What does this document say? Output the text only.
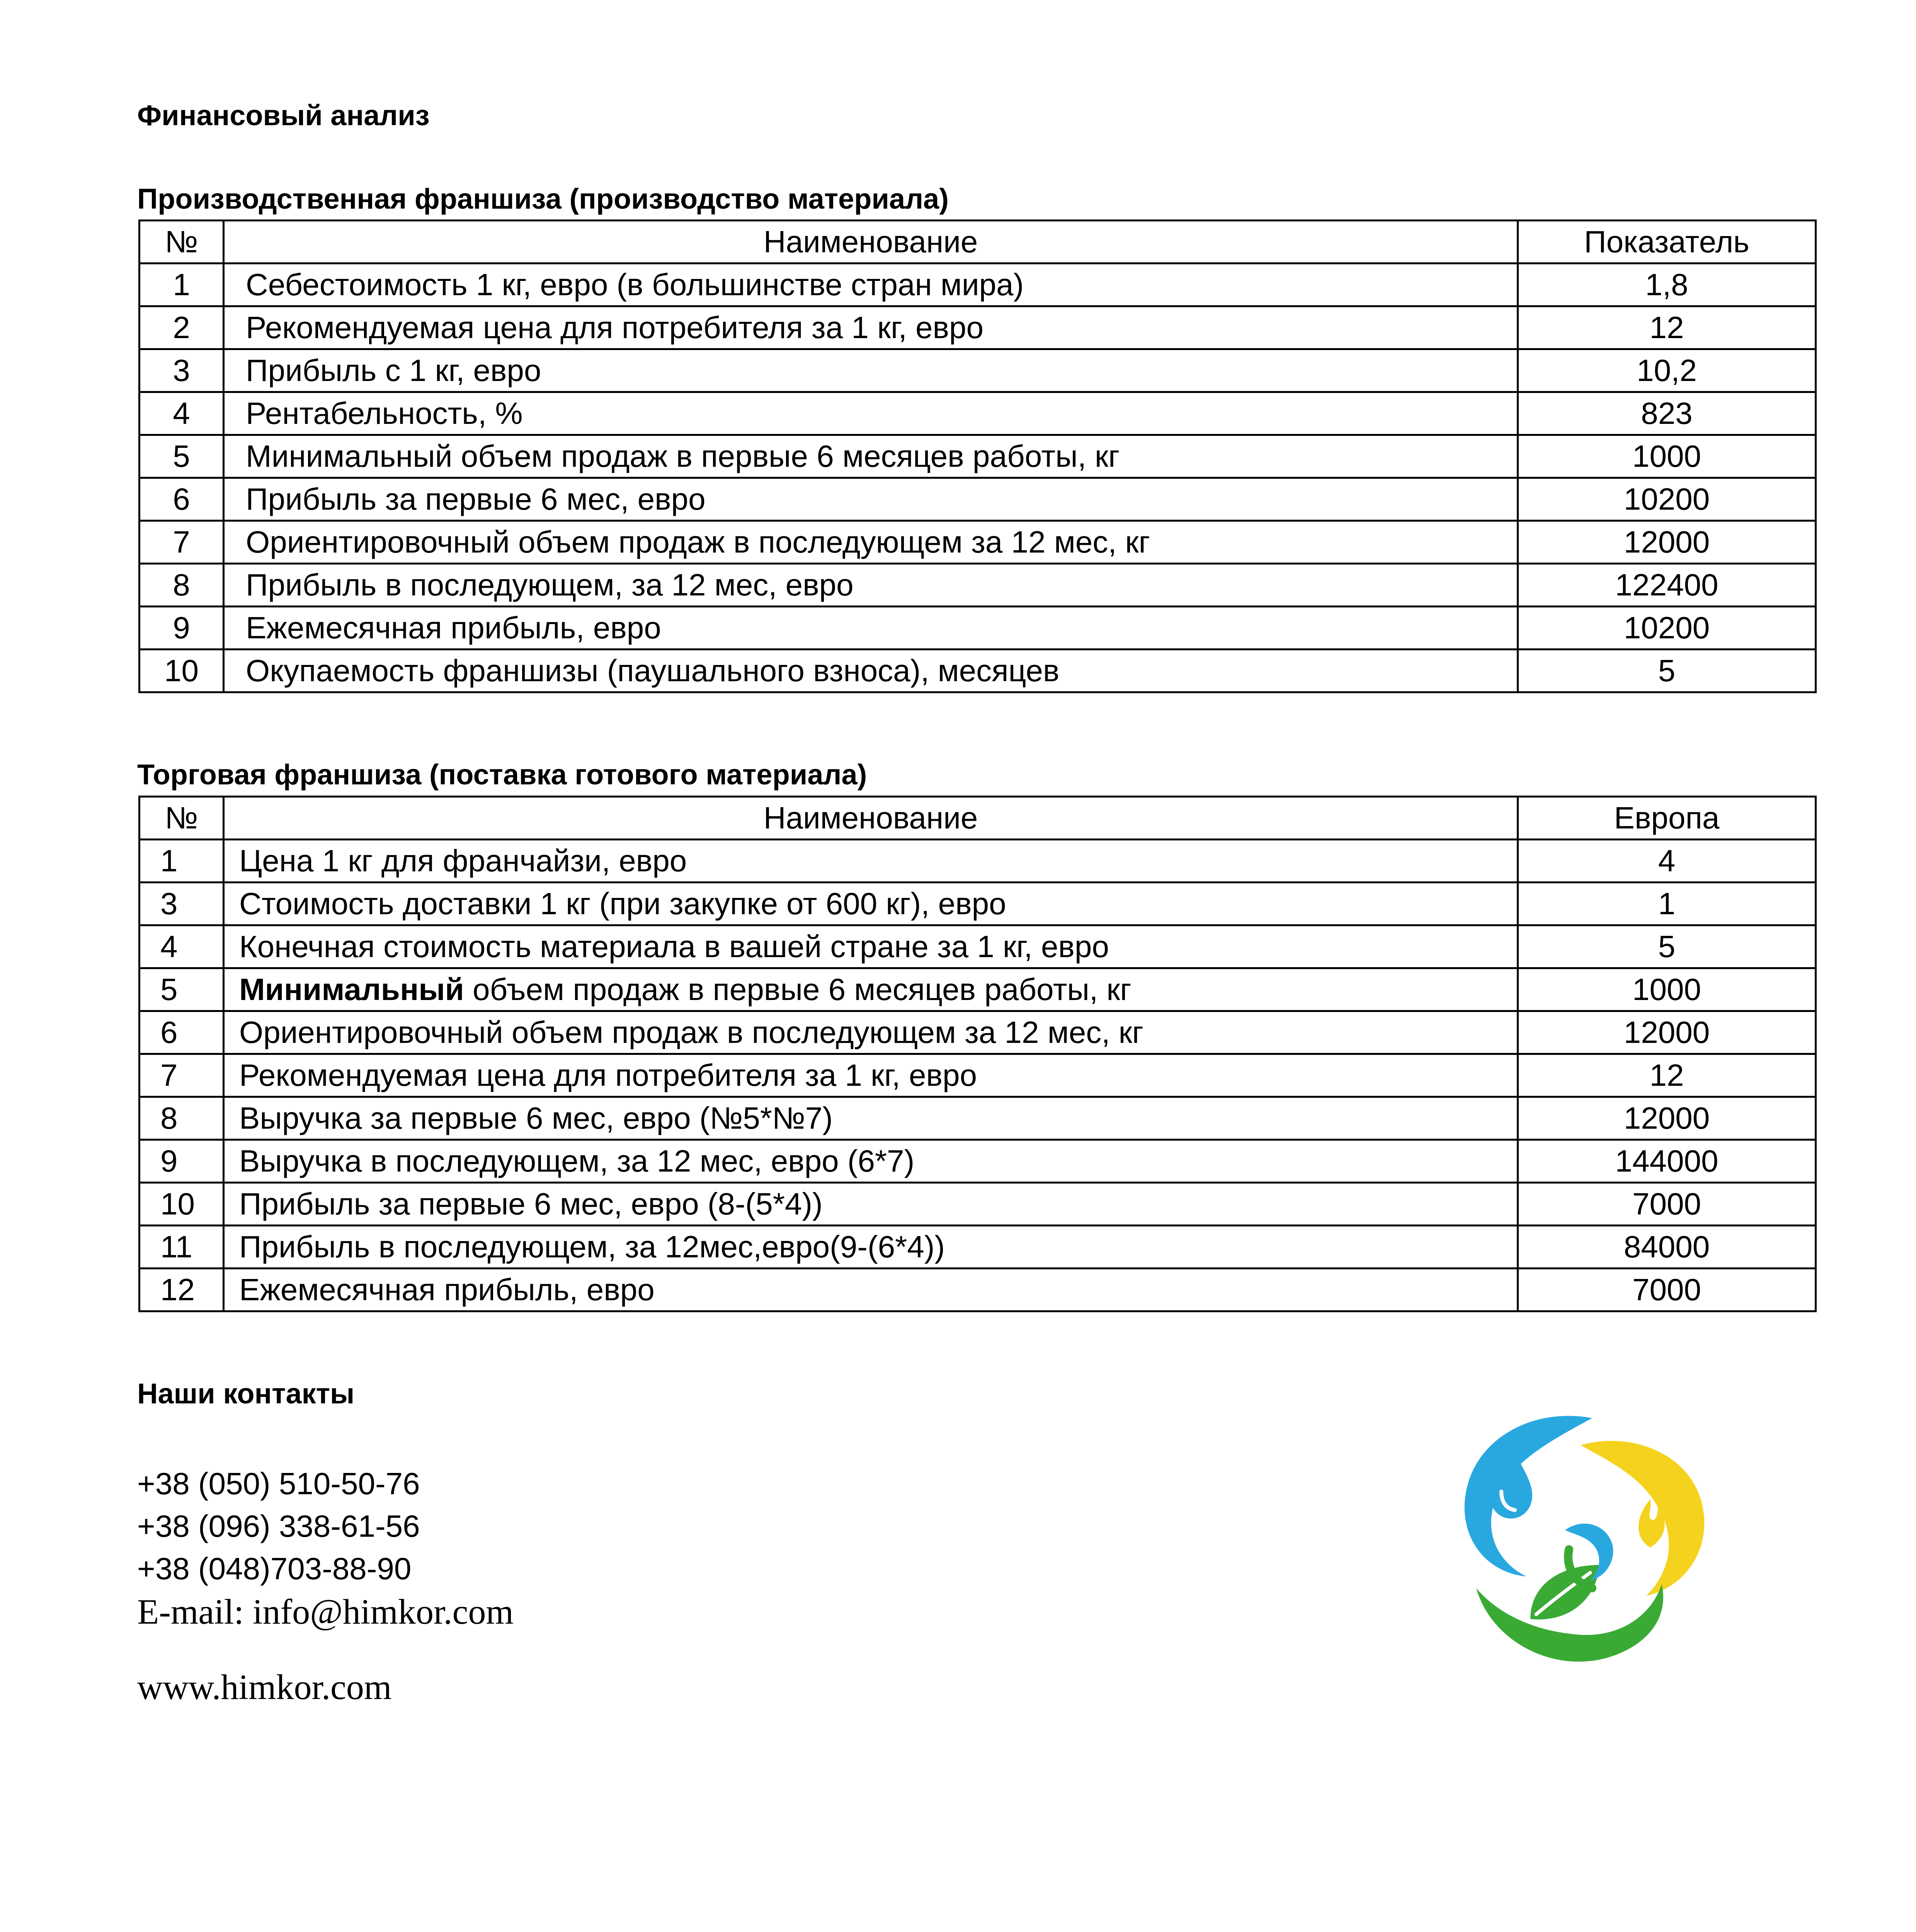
Финансовый анализ
Производственная франшиза (производство материала)
№	Наименование	Показатель
1	Себестоимость 1 кг, евро (в большинстве стран мира)	1,8
2	Рекомендуемая цена для потребителя за 1 кг, евро	12
3	Прибыль с 1 кг, евро	10,2
4	Рентабельность, %	823
5	Минимальный объем продаж в первые 6 месяцев работы, кг	1000
6	Прибыль за первые 6 мес, евро	10200
7	Ориентировочный объем продаж в последующем за 12 мес, кг	12000
8	Прибыль в последующем, за 12 мес, евро	122400
9	Ежемесячная прибыль, евро	10200
10	Окупаемость франшизы (паушального взноса), месяцев	5
Торговая франшиза (поставка готового материала)
№	Наименование	Европа
1	Цена 1 кг для франчайзи, евро	4
3	Стоимость доставки 1 кг (при закупке от 600 кг), евро	1
4	Конечная стоимость материала в вашей стране за 1 кг, евро	5
5	Минимальный объем продаж в первые 6 месяцев работы, кг	1000
6	Ориентировочный объем продаж в последующем за 12 мес, кг	12000
7	Рекомендуемая цена для потребителя за 1 кг, евро	12
8	Выручка за первые 6 мес, евро (№5*№7)	12000
9	Выручка в последующем, за 12 мес, евро (6*7)	144000
10	Прибыль за первые 6 мес, евро (8-(5*4))	7000
11	Прибыль в последующем, за 12мес,евро(9-(6*4))	84000
12	Ежемесячная прибыль, евро	7000
Наши контакты
+38 (050) 510-50-76
+38 (096) 338-61-56
+38 (048)703-88-90
E-mail: info@himkor.com
www.himkor.com
